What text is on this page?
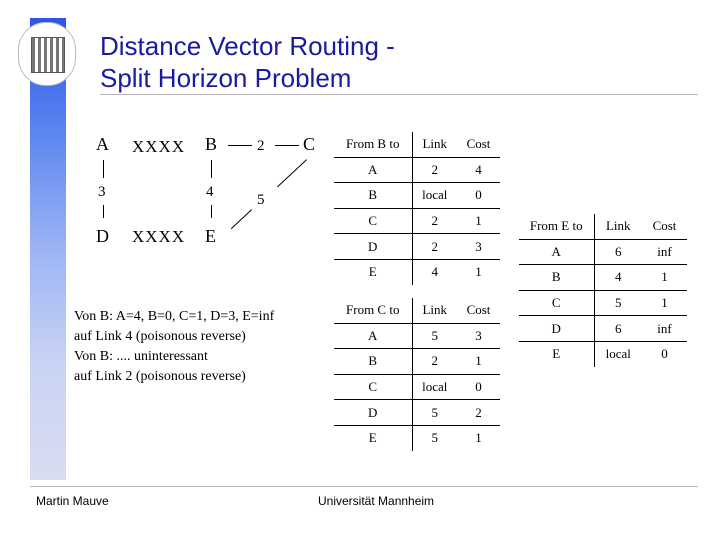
Distance Vector Routing -
Split Horizon Problem
A XXXX B	2 C
3	4	5
D XXXX E
Von B: A=4, B=0, C=1, D=3, E=inf
auf Link 4 (poisonous reverse)
Von B: .... uninteressant
auf Link 2 (poisonous reverse)
From B to	Link	Cost
A	2	4
B	local	0
C	2	1
D	2	3
E	4	1
From C to	Link	Cost
A	5	3
B	2	1
C	local	0
D	5	2
E	5	1
From E to	Link	Cost
A	6	inf
B	4	1
C	5	1
D	6	inf
E	local	0
Martin Mauve	Universität Mannheim
